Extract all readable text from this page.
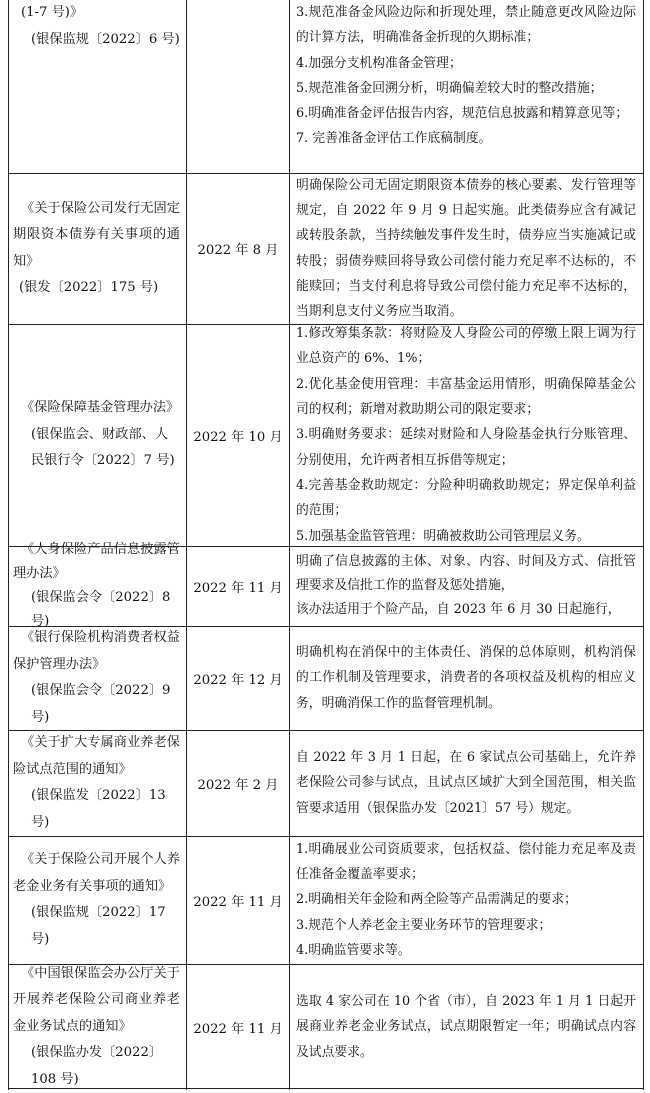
(1-7 号)》
(银保监规〔2022〕6 号)
3.规范准备金风险边际和折现处理，禁止随意更改风险边际的计算方法，明确准备金折现的久期标准；
4.加强分支机构准备金管理；
5.规范准备金回溯分析，明确偏差较大时的整改措施；
6.明确准备金评估报告内容，规范信息披露和精算意见等；
7. 完善准备金评估工作底稿制度。
《关于保险公司发行无固定期限资本债券有关事项的通知》
(银发〔2022〕175 号)
2022 年 8 月
明确保险公司无固定期限资本债券的核心要素、发行管理等规定，自 2022 年 9 月 9 日起实施。此类债券应含有减记或转股条款，当持续触发事件发生时，债券应当实施减记或转股；弱债券赎回将导致公司偿付能力充足率不达标的，不能赎回；当支付利息将导致公司偿付能力充足率不达标的，当期利息支付义务应当取消。
《保险保障基金管理办法》
(银保监会、财政部、人民银行令〔2022〕7 号)
2022 年 10 月
1.修改筹集条款：将财险及人身险公司的停缴上限上调为行业总资产的 6%、1%；
2.优化基金使用管理：丰富基金运用情形，明确保障基金公司的权利；新增对救助期公司的限定要求；
3.明确财务要求：延续对财险和人身险基金执行分账管理、分别使用，允许两者相互拆借等规定；
4.完善基金救助规定：分险种明确救助规定；界定保单利益的范围；
5.加强基金监管管理：明确被救助公司管理层义务。
《人身保险产品信息披露管理办法》
(银保监会令〔2022〕8 号)
2022 年 11 月
明确了信息披露的主体、对象、内容、时间及方式、信批管理要求及信批工作的监督及惩处措施，
该办法适用于个险产品，自 2023 年 6 月 30 日起施行，
《银行保险机构消费者权益保护管理办法》
(银保监会令〔2022〕9 号)
2022 年 12 月
明确机构在消保中的主体责任、消保的总体原则，机构消保的工作机制及管理要求，消费者的各项权益及机构的相应义务，明确消保工作的监督管理机制。
《关于扩大专属商业养老保险试点范围的通知》
(银保监发〔2022〕13 号)
2022 年 2 月
自 2022 年 3 月 1 日起，在 6 家试点公司基础上，允许养老保险公司参与试点，且试点区域扩大到全国范围，相关监管要求适用（银保监办发〔2021〕57 号）规定。
《关于保险公司开展个人养老金业务有关事项的通知》
(银保监规〔2022〕17 号)
2022 年 11 月
1.明确展业公司资质要求，包括权益、偿付能力充足率及责任准备金覆盖率要求；
2.明确相关年金险和两全险等产品需满足的要求；
3.规范个人养老金主要业务环节的管理要求；
4.明确监管要求等。
《中国银保监会办公厅关于开展养老保险公司商业养老金业务试点的通知》
(银保监办发〔2022〕108 号)
2022 年 11 月
选取 4 家公司在 10 个省（市），自 2023 年 1 月 1 日起开展商业养老金业务试点，试点期限暂定一年；明确试点内容及试点要求。
